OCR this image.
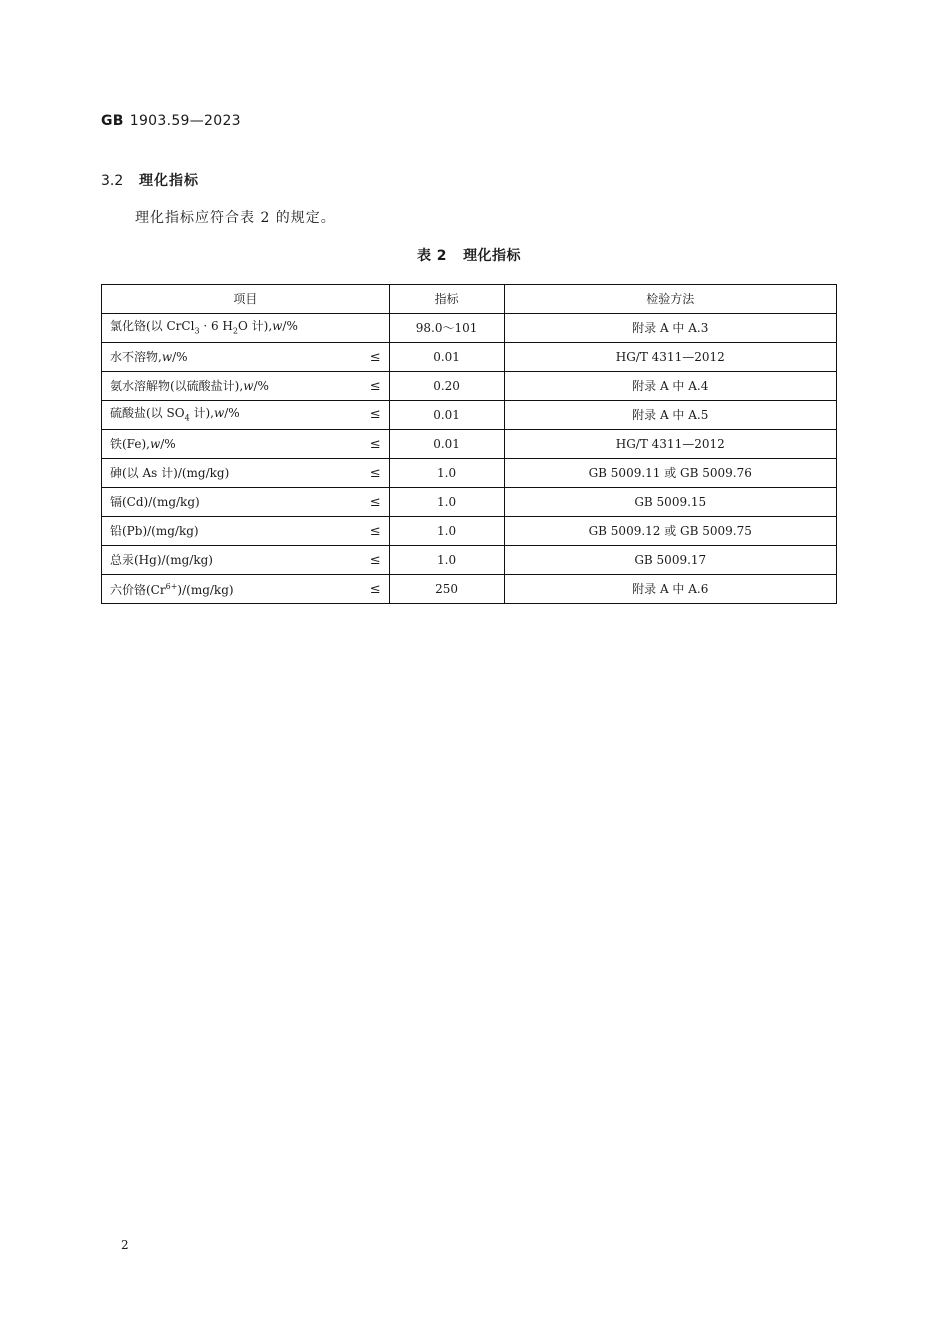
GB 1903.59—2023
3.2 理化指标
理化指标应符合表 2 的规定。
表 2 理化指标
项目	指标	检验方法

氯化铬(以 CrCl$_3$ · 6 $H_2O$ 计),w/%	98.0～101	附录 A 中 A.3

水不溶物,w/% ≤	0.01	HG/T 4311—2012

氨水溶解物(以硫酸盐计),w/% ≤	0.20	附录 A 中 A.4

硫酸盐(以 $SO_4$ 计),w/% ≤	0.01	附录 A 中 A.5

铁(Fe),w/% ≤	0.01	HG/T 4311—2012

砷(以 As 计)/(mg/kg) ≤	1.0	GB 5009.11 或 GB 5009.76

镉(Cd)/(mg/kg) ≤	1.0	GB 5009.15

铅(Pb)/(mg/kg) ≤	1.0	GB 5009.12 或 GB 5009.75

总汞(Hg)/(mg/kg) ≤	1.0	GB 5009.17

六价铬$(Cr^{6+})/(mg/kg)$ ≤	250	附录 A 中 A.6
2
